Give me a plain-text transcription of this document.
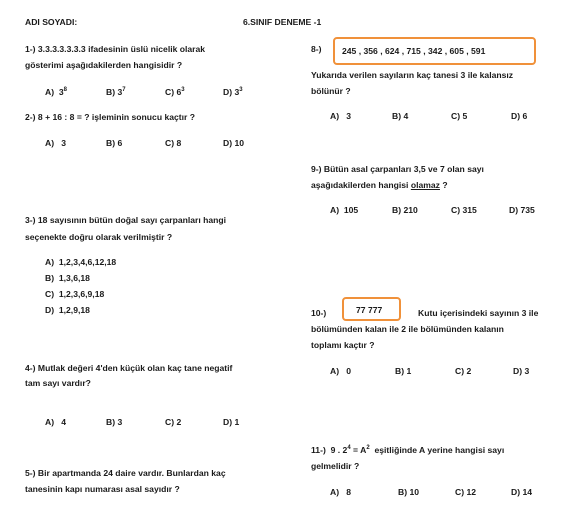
ADI SOYADI:	6.SINIF DENEME -1
1-) 3.3.3.3.3.3.3 ifadesinin üslü nicelik olarak
gösterimi aşağıdakilerden hangisidir ?
A) $3^8$	B) $3^7$	C) $6^3$	D) $3^3$
2-) 8 + 16 : 8 = ? işleminin sonucu kaçtır ?
A) 3	B) 6	C) 8	D) 10
3-) 18 sayısının bütün doğal sayı çarpanları hangi
seçenekte doğru olarak verilmiştir ?
A) 1,2,3,4,6,12,18
B) 1,3,6,18
C) 1,2,3,6,9,18
D) 1,2,9,18
4-) Mutlak değeri 4'den küçük olan kaç tane negatif
tam sayı vardır?
A) 4	B) 3	C) 2	D) 1
5-) Bir apartmanda 24 daire vardır. Bunlardan kaç
tanesinin kapı numarası asal sayıdır ?
8-) 245 , 356 , 624 , 715 , 342 , 605 , 591
Yukarıda verilen sayıların kaç tanesi 3 ile kalansız
bölünür ?
A) 3	B) 4	C) 5	D) 6
9-) Bütün asal çarpanları 3,5 ve 7 olan sayı
aşağıdakilerden hangisi olamaz ?
A) 105	B) 210	C) 315	D) 735
10-)	77 777	Kutu içerisindeki sayının 3 ile
bölümünden kalan ile 2 ile bölümünden kalanın
toplamı kaçtır ?
A) 0	B) 1	C) 2	D) 3
11-) 9 . $2^4 = A^2$ eşitliğinde A yerine hangisi sayı
gelmelidir ?
A) 8	B) 10	C) 12	D) 14
